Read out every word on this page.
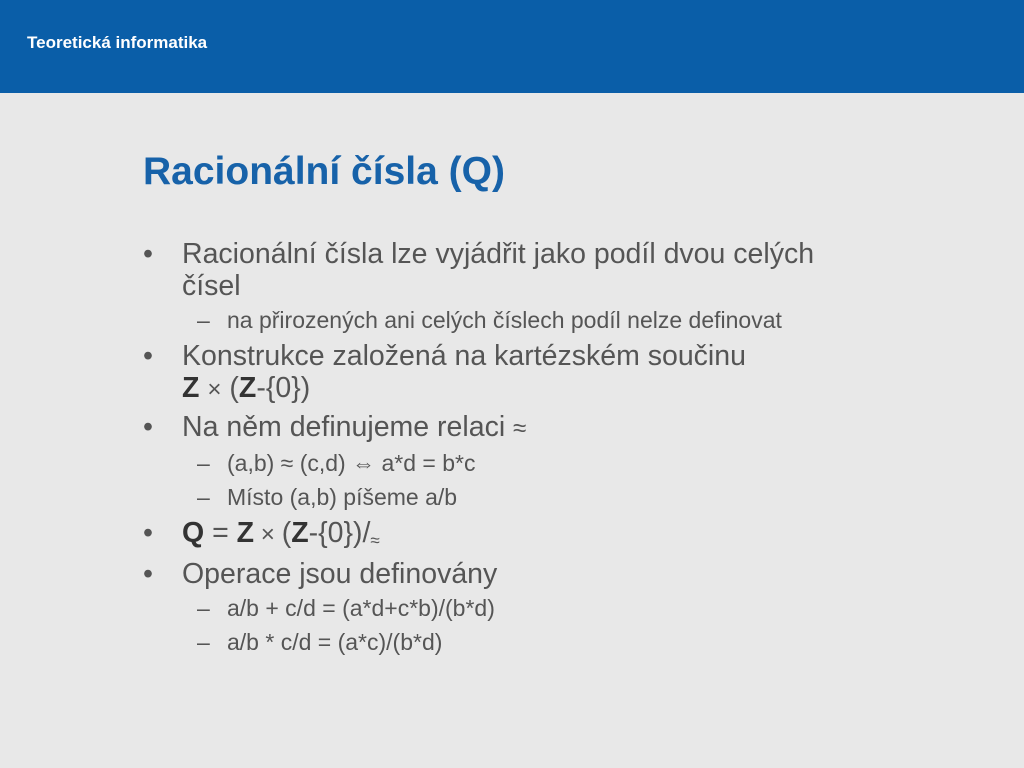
Teoretická informatika
Racionální čísla (Q)
•	Racionální čísla lze vyjádřit jako podíl dvou celých
čísel
– na přirozených ani celých číslech podíl nelze definovat
•	Konstrukce založená na kartézském součinu
Z × (Z-{0})
•	Na něm definujeme relaci ≈
– (a,b) ≈ (c,d) ⇔ a*d = b*c
– Místo (a,b) píšeme a/b
•	Q = Z × (Z-{0})/≈
•	Operace jsou definovány
– a/b + c/d = (a*d+c*b)/(b*d)
– a/b * c/d = (a*c)/(b*d)
